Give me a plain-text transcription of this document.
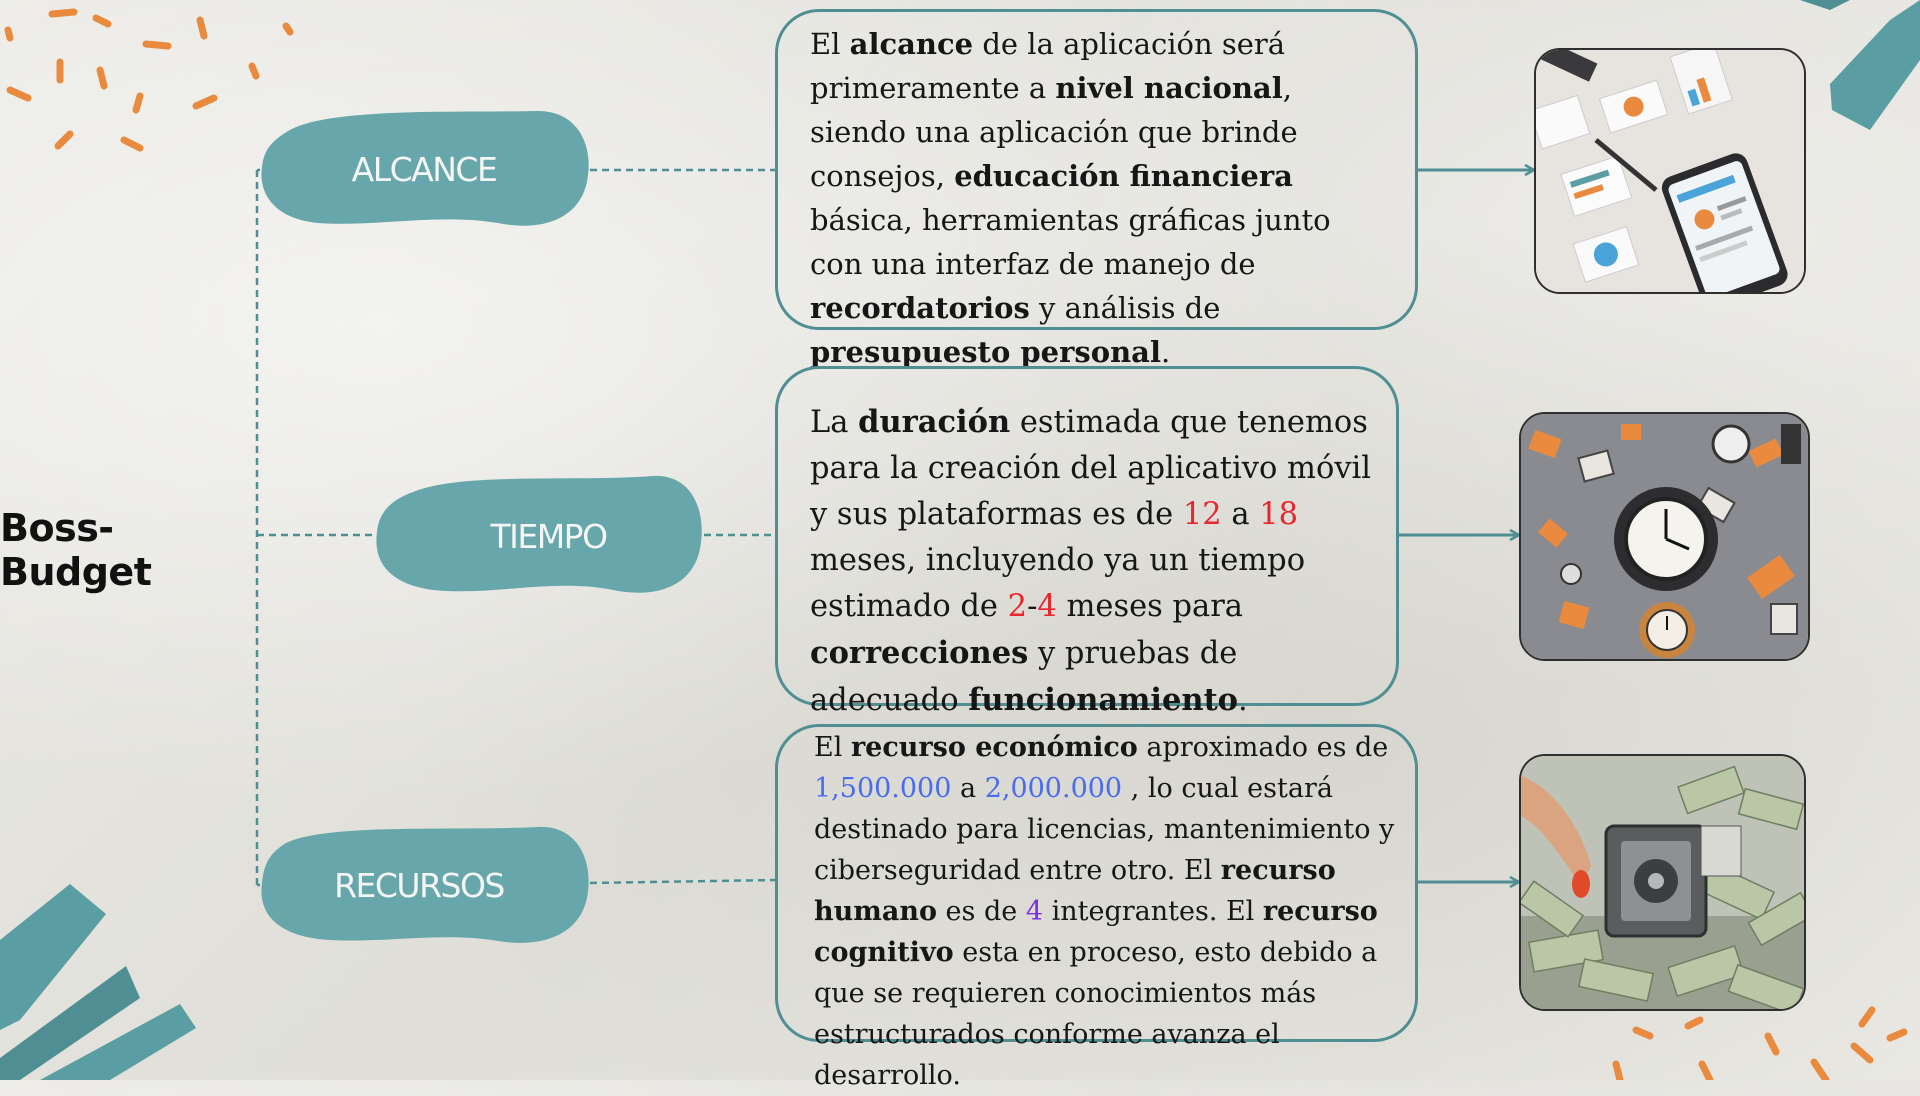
Boss-Budget
ALCANCE
TIEMPO
RECURSOS

El alcance de la aplicación será primeramente a nivel nacional, siendo una aplicación que brinde consejos, educación financiera básica, herramientas gráficas junto con una interfaz de manejo de recordatorios y análisis de presupuesto personal.

La duración estimada que tenemos para la creación del aplicativo móvil y sus plataformas es de 12 a 18 meses, incluyendo ya un tiempo estimado de 2-4 meses para correcciones y pruebas de adecuado funcionamiento.

El recurso económico aproximado es de 1,500.000 a 2,000.000 , lo cual estará destinado para licencias, mantenimiento y ciberseguridad entre otro. El recurso humano es de 4 integrantes. El recurso cognitivo esta en proceso, esto debido a que se requieren conocimientos más estructurados conforme avanza el desarrollo.
